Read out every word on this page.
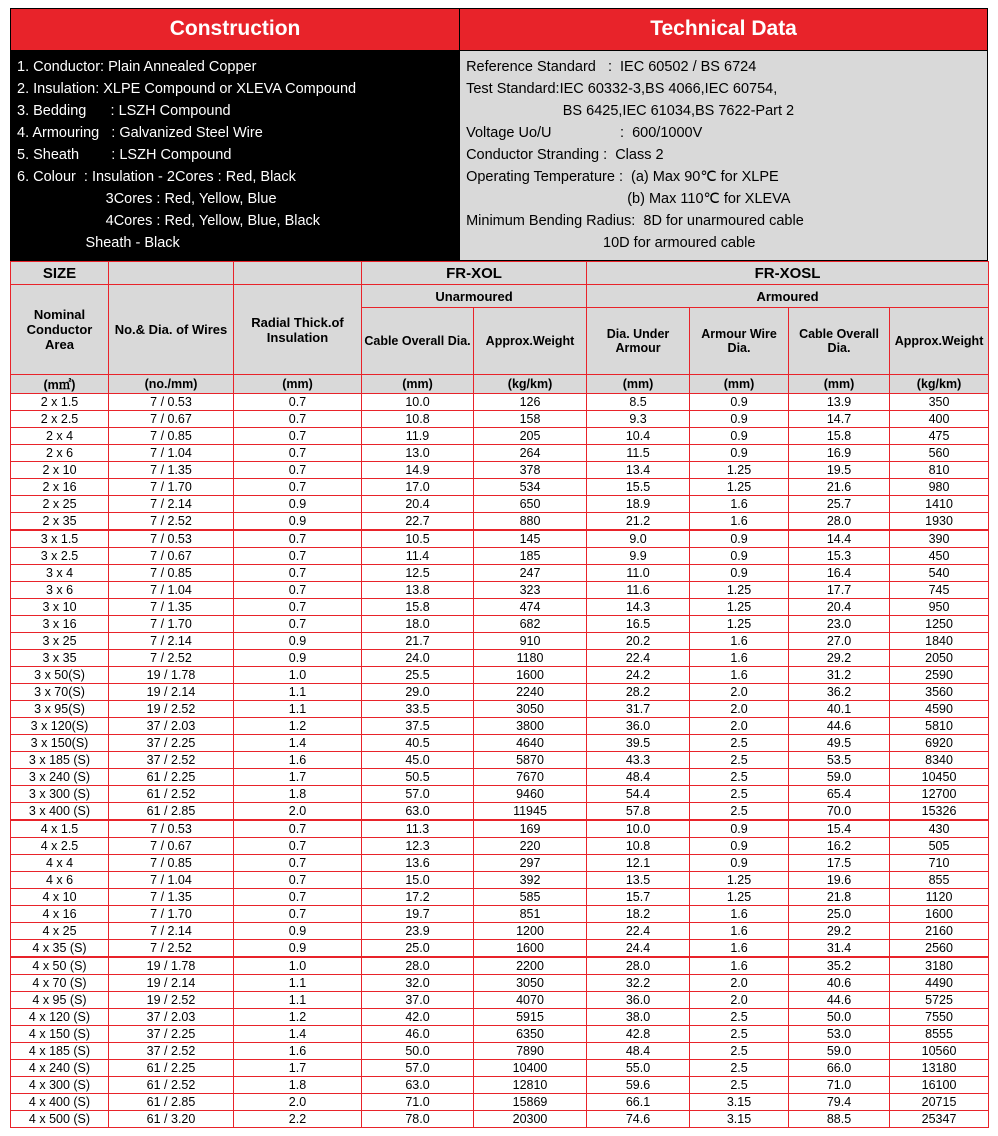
Construction	Technical Data
1. Conductor: Plain Annealed Copper
2. Insulation: XLPE Compound or XLEVA Compound
3. Bedding      : LSZH Compound
4. Armouring   : Galvanized Steel Wire
5. Sheath        : LSZH Compound
6. Colour  : Insulation - 2Cores : Red, Black
3Cores : Red, Yellow, Blue
4Cores : Red, Yellow, Blue, Black
Sheath - Black
Reference Standard   :  IEC 60502 / BS 6724
Test Standard:IEC 60332-3,BS 4066,IEC 60754,
BS 6425,IEC 61034,BS 7622-Part 2
Voltage Uo/U                 :  600/1000V
Conductor Stranding :  Class 2
Operating Temperature :  (a) Max 90℃ for XLPE
(b) Max 110℃ for XLEVA
Minimum Bending Radius:  8D for unarmoured cable
10D for armoured cable
SIZE			FR-XOL		FR-XOSL			
Nominal Conductor Area	No.& Dia. of Wires	Radial Thick.of Insulation	Unarmoured		Armoured			
			Cable Overall Dia.	Approx.Weight	Dia. Under Armour	Armour Wire Dia.	Cable Overall Dia.	Approx.Weight
(m㎡)	(no./mm)	(mm)	(mm)	(kg/km)	(mm)	(mm)	(mm)	(kg/km)
2 x 1.5	7 / 0.53	0.7	10.0	126	8.5	0.9	13.9	350
2 x 2.5	7 / 0.67	0.7	10.8	158	9.3	0.9	14.7	400
2 x 4	7 / 0.85	0.7	11.9	205	10.4	0.9	15.8	475
2 x 6	7 / 1.04	0.7	13.0	264	11.5	0.9	16.9	560
2 x 10	7 / 1.35	0.7	14.9	378	13.4	1.25	19.5	810
2 x 16	7 / 1.70	0.7	17.0	534	15.5	1.25	21.6	980
2 x 25	7 / 2.14	0.9	20.4	650	18.9	1.6	25.7	1410
2 x 35	7 / 2.52	0.9	22.7	880	21.2	1.6	28.0	1930
3 x 1.5	7 / 0.53	0.7	10.5	145	9.0	0.9	14.4	390
3 x 2.5	7 / 0.67	0.7	11.4	185	9.9	0.9	15.3	450
3 x 4	7 / 0.85	0.7	12.5	247	11.0	0.9	16.4	540
3 x 6	7 / 1.04	0.7	13.8	323	11.6	1.25	17.7	745
3 x 10	7 / 1.35	0.7	15.8	474	14.3	1.25	20.4	950
3 x 16	7 / 1.70	0.7	18.0	682	16.5	1.25	23.0	1250
3 x 25	7 / 2.14	0.9	21.7	910	20.2	1.6	27.0	1840
3 x 35	7 / 2.52	0.9	24.0	1180	22.4	1.6	29.2	2050
3 x 50(S)	19 / 1.78	1.0	25.5	1600	24.2	1.6	31.2	2590
3 x 70(S)	19 / 2.14	1.1	29.0	2240	28.2	2.0	36.2	3560
3 x 95(S)	19 / 2.52	1.1	33.5	3050	31.7	2.0	40.1	4590
3 x 120(S)	37 / 2.03	1.2	37.5	3800	36.0	2.0	44.6	5810
3 x 150(S)	37 / 2.25	1.4	40.5	4640	39.5	2.5	49.5	6920
3 x 185 (S)	37 / 2.52	1.6	45.0	5870	43.3	2.5	53.5	8340
3 x 240 (S)	61 / 2.25	1.7	50.5	7670	48.4	2.5	59.0	10450
3 x 300 (S)	61 / 2.52	1.8	57.0	9460	54.4	2.5	65.4	12700
3 x 400 (S)	61 / 2.85	2.0	63.0	11945	57.8	2.5	70.0	15326
4 x 1.5	7 / 0.53	0.7	11.3	169	10.0	0.9	15.4	430
4 x 2.5	7 / 0.67	0.7	12.3	220	10.8	0.9	16.2	505
4 x 4	7 / 0.85	0.7	13.6	297	12.1	0.9	17.5	710
4 x 6	7 / 1.04	0.7	15.0	392	13.5	1.25	19.6	855
4 x 10	7 / 1.35	0.7	17.2	585	15.7	1.25	21.8	1120
4 x 16	7 / 1.70	0.7	19.7	851	18.2	1.6	25.0	1600
4 x 25	7 / 2.14	0.9	23.9	1200	22.4	1.6	29.2	2160
4 x 35 (S)	7 / 2.52	0.9	25.0	1600	24.4	1.6	31.4	2560
4 x 50 (S)	19 / 1.78	1.0	28.0	2200	28.0	1.6	35.2	3180
4 x 70 (S)	19 / 2.14	1.1	32.0	3050	32.2	2.0	40.6	4490
4 x 95 (S)	19 / 2.52	1.1	37.0	4070	36.0	2.0	44.6	5725
4 x 120 (S)	37 / 2.03	1.2	42.0	5915	38.0	2.5	50.0	7550
4 x 150 (S)	37 / 2.25	1.4	46.0	6350	42.8	2.5	53.0	8555
4 x 185 (S)	37 / 2.52	1.6	50.0	7890	48.4	2.5	59.0	10560
4 x 240 (S)	61 / 2.25	1.7	57.0	10400	55.0	2.5	66.0	13180
4 x 300 (S)	61 / 2.52	1.8	63.0	12810	59.6	2.5	71.0	16100
4 x 400 (S)	61 / 2.85	2.0	71.0	15869	66.1	3.15	79.4	20715
4 x 500 (S)	61 / 3.20	2.2	78.0	20300	74.6	3.15	88.5	25347
